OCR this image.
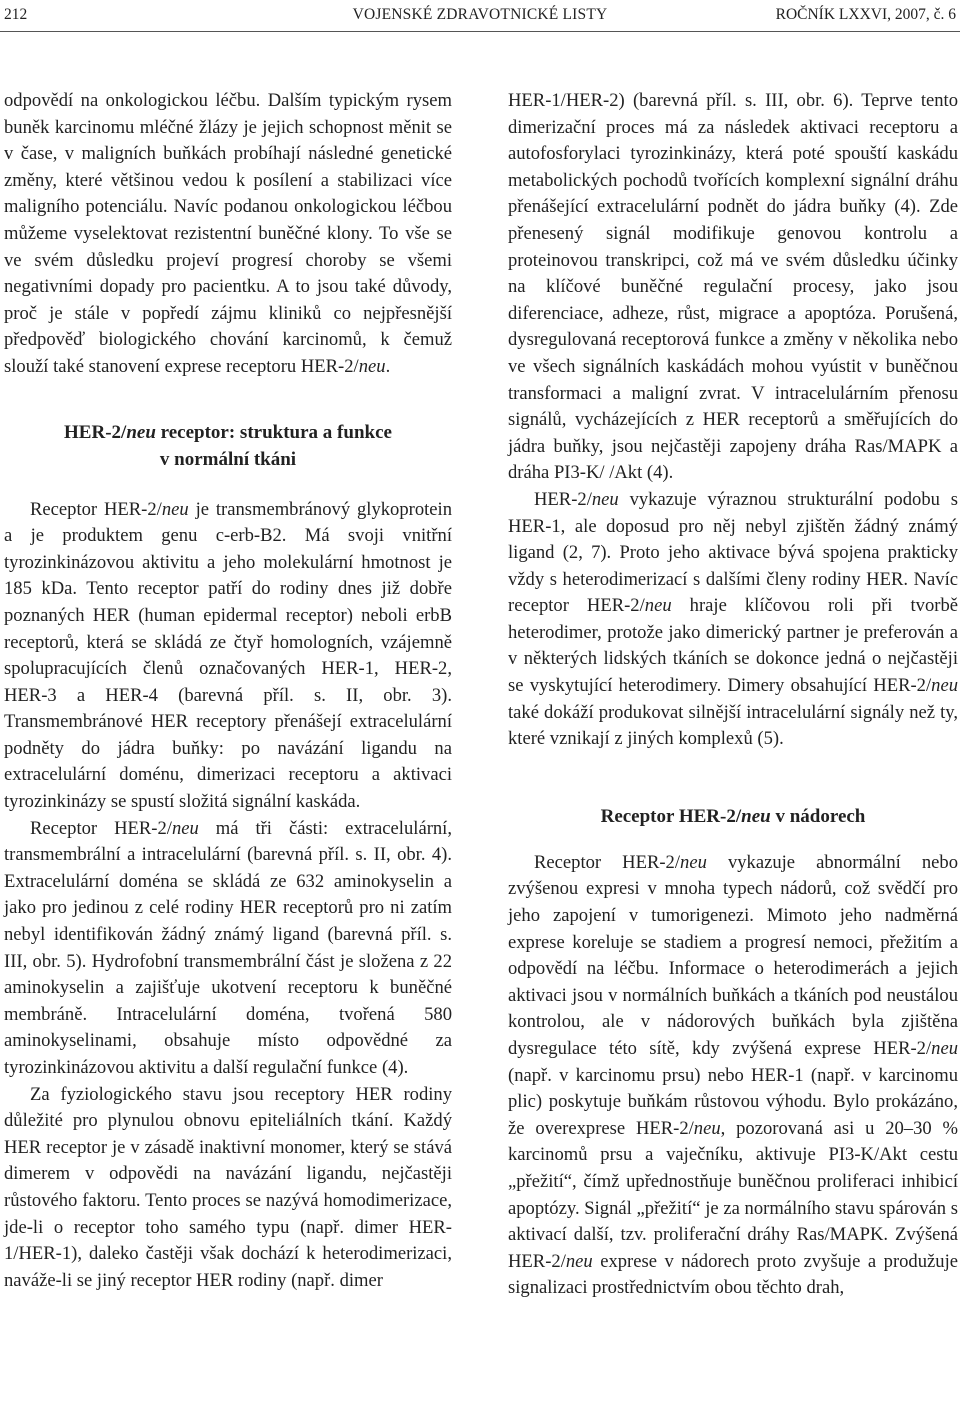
212	VOJENSKÉ ZDRAVOTNICKÉ LISTY	ROČNÍK LXXVI, 2007, č. 6

odpovědí na onkologickou léčbu. Dalším typickým rysem buněk karcinomu mléčné žlázy je jejich schopnost měnit se v čase, v maligních buňkách probíhají následné genetické změny, které většinou vedou k posílení a stabilizaci více maligního potenciálu. Navíc podanou onkologickou léčbou můžeme vyselektovat rezistentní buněčné klony. To vše se ve svém důsledku projeví progresí choroby se všemi negativními dopady pro pacientku. A to jsou také důvody, proč je stále v popředí zájmu kliniků co nejpřesnější předpověď biologického chování karcinomů, k čemuž slouží také stanovení exprese receptoru HER-2/neu.

HER-2/neu receptor: struktura a funkce
v normální tkáni

Receptor HER-2/neu je transmembránový glykoprotein a je produktem genu c-erb-B2. Má svoji vnitřní tyrozinkinázovou aktivitu a jeho molekulární hmotnost je 185 kDa. Tento receptor patří do rodiny dnes již dobře poznaných HER (human epidermal receptor) neboli erbB receptorů, která se skládá ze čtyř homologních, vzájemně spolupracujících členů označovaných HER-1, HER-2, HER-3 a HER-4 (barevná příl. s. II, obr. 3). Transmembránové HER receptory přenášejí extracelulární podněty do jádra buňky: po navázání ligandu na extracelulární doménu, dimerizaci receptoru a aktivaci tyrozinkinázy se spustí složitá signální kaskáda.

Receptor HER-2/neu má tři části: extracelulární, transmembrální a intracelulární (barevná příl. s. II, obr. 4). Extracelulární doména se skládá ze 632 aminokyselin a jako pro jedinou z celé rodiny HER receptorů pro ni zatím nebyl identifikován žádný známý ligand (barevná příl. s. III, obr. 5). Hydrofobní transmembrální část je složena z 22 aminokyselin a zajišťuje ukotvení receptoru k buněčné membráně. Intracelulární doména, tvořená 580 aminokyselinami, obsahuje místo odpovědné za tyrozinkinázovou aktivitu a další regulační funkce (4).

Za fyziologického stavu jsou receptory HER rodiny důležité pro plynulou obnovu epiteliálních tkání. Každý HER receptor je v zásadě inaktivní monomer, který se stává dimerem v odpovědi na navázání ligandu, nejčastěji růstového faktoru. Tento proces se nazývá homodimerizace, jde-li o receptor toho samého typu (např. dimer HER-1/HER-1), daleko častěji však dochází k heterodimerizaci, naváže-li se jiný receptor HER rodiny (např. dimer

HER-1/HER-2) (barevná příl. s. III, obr. 6). Teprve tento dimerizační proces má za následek aktivaci receptoru a autofosforylaci tyrozinkinázy, která poté spouští kaskádu metabolických pochodů tvořících komplexní signální dráhu přenášející extracelulární podnět do jádra buňky (4). Zde přenesený signál modifikuje genovou kontrolu a proteinovou transkripci, což má ve svém důsledku účinky na klíčové buněčné regulační procesy, jako jsou diferenciace, adheze, růst, migrace a apoptóza. Porušená, dysregulovaná receptorová funkce a změny v několika nebo ve všech signálních kaskádách mohou vyústit v buněčnou transformaci a maligní zvrat. V intracelulárním přenosu signálů, vycházejících z HER receptorů a směřujících do jádra buňky, jsou nejčastěji zapojeny dráha Ras/MAPK a dráha PI3-K/ /Akt (4).

HER-2/neu vykazuje výraznou strukturální podobu s HER-1, ale doposud pro něj nebyl zjištěn žádný známý ligand (2, 7). Proto jeho aktivace bývá spojena prakticky vždy s heterodimerizací s dalšími členy rodiny HER. Navíc receptor HER-2/neu hraje klíčovou roli při tvorbě heterodimer, protože jako dimerický partner je preferován a v některých lidských tkáních se dokonce jedná o nejčastěji se vyskytující heterodimery. Dimery obsahující HER-2/neu také dokáží produkovat silnější intracelulární signály než ty, které vznikají z jiných komplexů (5).

Receptor HER-2/neu v nádorech

Receptor HER-2/neu vykazuje abnormální nebo zvýšenou expresi v mnoha typech nádorů, což svědčí pro jeho zapojení v tumorigenezi. Mimoto jeho nadměrná exprese koreluje se stadiem a progresí nemoci, přežitím a odpovědí na léčbu. Informace o heterodimerách a jejich aktivaci jsou v normálních buňkách a tkáních pod neustálou kontrolou, ale v nádorových buňkách byla zjištěna dysregulace této sítě, kdy zvýšená exprese HER-2/neu (např. v karcinomu prsu) nebo HER-1 (např. v karcinomu plic) poskytuje buňkám růstovou výhodu. Bylo prokázáno, že overexprese HER-2/neu, pozorovaná asi u 20–30 % karcinomů prsu a vaječníku, aktivuje PI3-K/Akt cestu „přežití“, čímž upřednostňuje buněčnou proliferaci inhibicí apoptózy. Signál „přežití“ je za normálního stavu spárován s aktivací další, tzv. proliferační dráhy Ras/MAPK. Zvýšená HER-2/neu exprese v nádorech proto zvyšuje a produžuje signalizaci prostřednictvím obou těchto drah,
